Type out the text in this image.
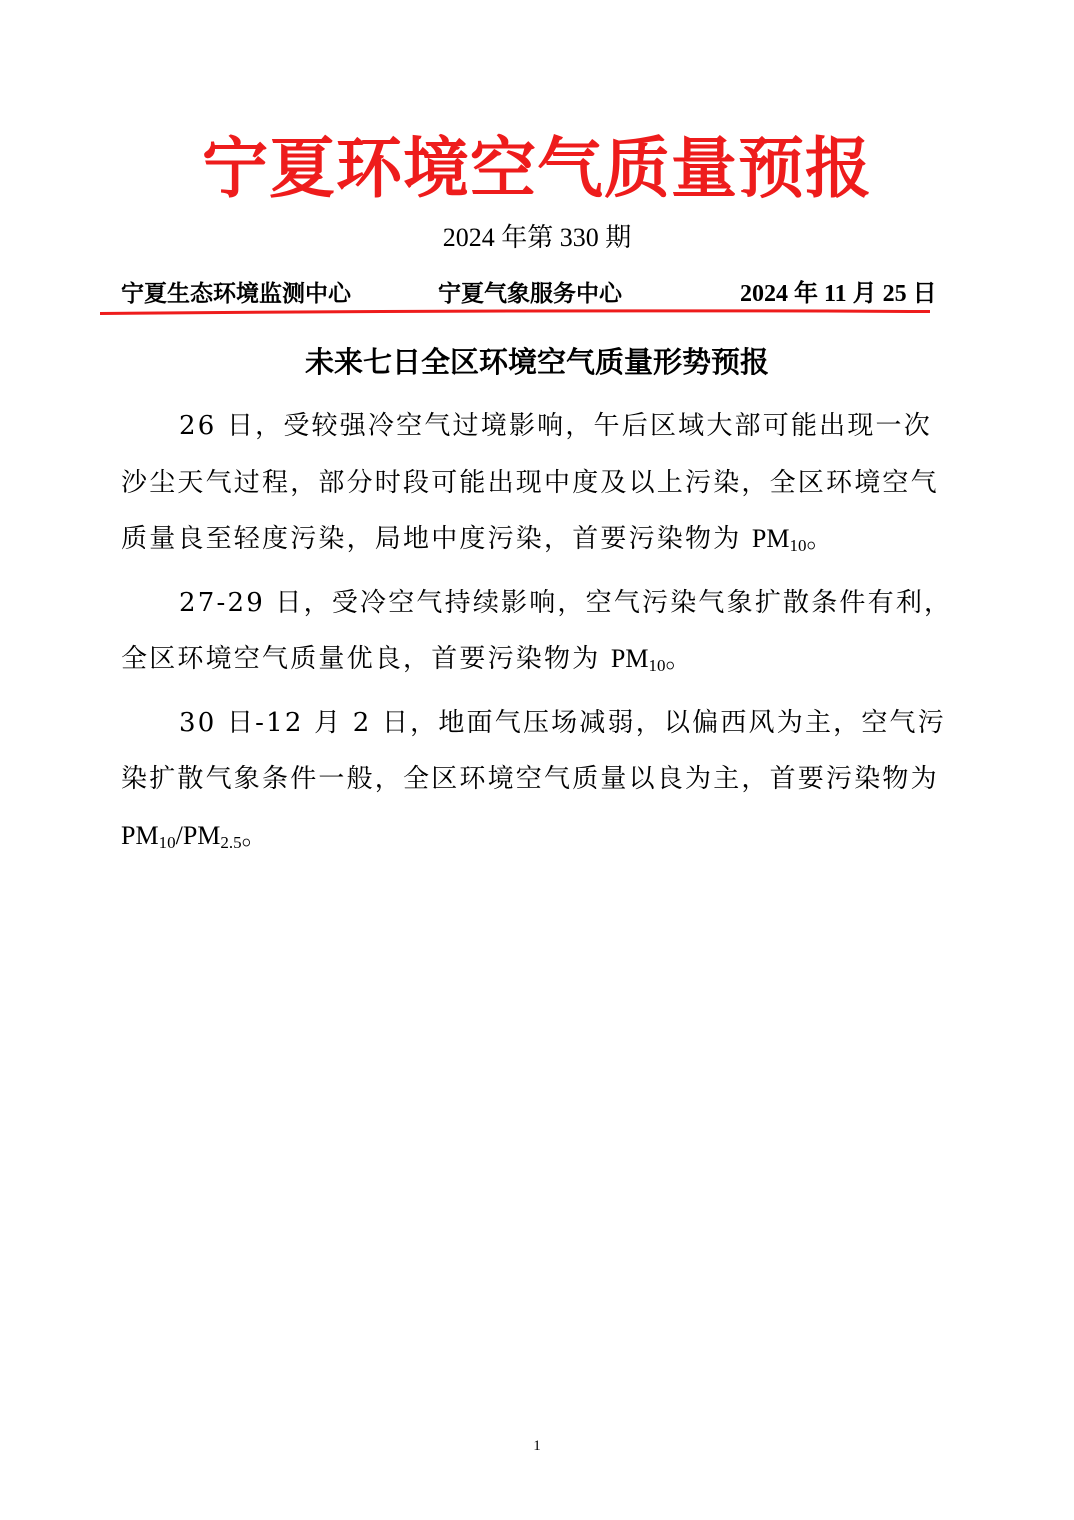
宁夏环境空气质量预报
2024 年第 330 期
宁夏生态环境监测中心	宁夏气象服务中心	2024 年 11 月 25 日
未来七日全区环境空气质量形势预报

26 日，受较强冷空气过境影响，午后区域大部可能出现一次沙尘天气过程，部分时段可能出现中度及以上污染，全区环境空气质量良至轻度污染，局地中度污染，首要污染物为 $PM_{10}$。

27-29 日，受冷空气持续影响，空气污染气象扩散条件有利，全区环境空气质量优良，首要污染物为 $PM_{10}$。

30 日-12 月 2 日，地面气压场减弱，以偏西风为主，空气污染扩散气象条件一般，全区环境空气质量以良为主，首要污染物为 $PM_{10}/PM_{2.5}$。

1
